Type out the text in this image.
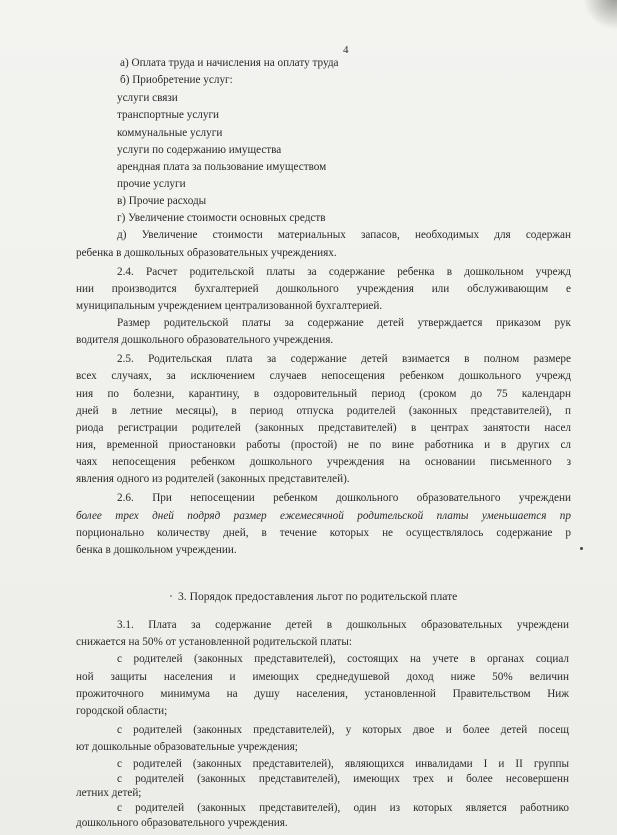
4
а) Оплата труда и начисления на оплату труда
б) Приобретение услуг:
услуги связи
транспортные услуги
коммунальные услуги
услуги по содержанию имущества
арендная плата за пользование имуществом
прочие услуги
в) Прочие расходы
г) Увеличение стоимости основных средств
д) Увеличение стоимости материальных запасов, необходимых для содержан
ребенка в дошкольных образовательных учреждениях.
2.4. Расчет родительской платы за содержание ребенка в дошкольном учрежд
нии производится бухгалтерией дошкольного учреждения или обслуживающим е
муниципальным учреждением централизованной бухгалтерией.
Размер родительской платы за содержание детей утверждается приказом рук
водителя дошкольного образовательного учреждения.
2.5. Родительская плата за содержание детей взимается в полном размере
всех случаях, за исключением случаев непосещения ребенком дошкольного учрежд
ния по болезни, карантину, в оздоровительный период (сроком до 75 календарн
дней в летние месяцы), в период отпуска родителей (законных представителей), п
риода регистрации родителей (законных представителей) в центрах занятости насел
ния, временной приостановки работы (простой) не по вине работника и в других сл
чаях непосещения ребенком дошкольного учреждения на основании письменного з
явления одного из родителей (законных представителей).
2.6. При непосещении ребенком дошкольного образовательного учреждени
более трех дней подряд размер ежемесячной родительской платы уменьшается пр
порционально количеству дней, в течение которых не осуществлялось содержание р
бенка в дошкольном учреждении.
3. Порядок предоставления льгот по родительской плате
3.1. Плата за содержание детей в дошкольных образовательных учреждени
снижается на 50% от установленной родительской платы:
с родителей (законных представителей), состоящих на учете в органах социал
ной защиты населения и имеющих среднедушевой доход ниже 50% величин
прожиточного минимума на душу населения, установленной Правительством Ниж
городской области;
с родителей (законных представителей), у которых двое и более детей посещ
ют дошкольные образовательные учреждения;
с родителей (законных представителей), являющихся инвалидами I и II группы
с родителей (законных представителей), имеющих трех и более несовершенн
летних детей;
с родителей (законных представителей), один из которых является работнико
дошкольного образовательного учреждения.
